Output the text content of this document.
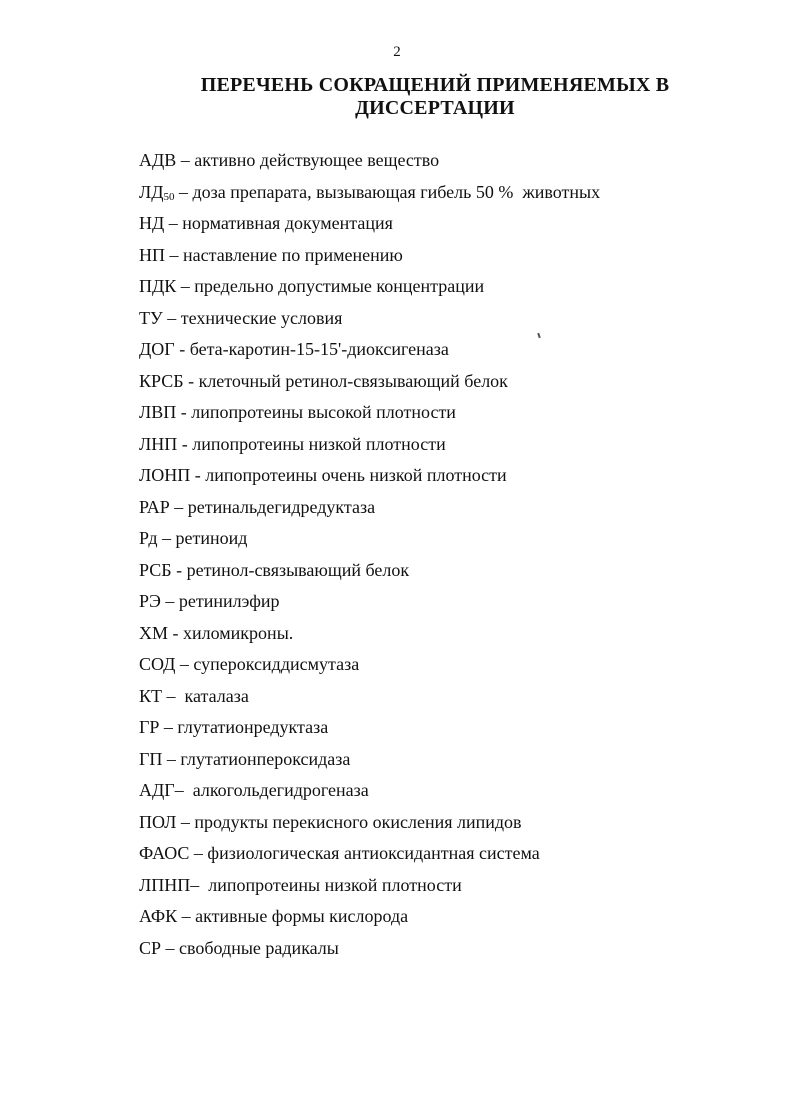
2
ПЕРЕЧЕНЬ СОКРАЩЕНИЙ ПРИМЕНЯЕМЫХ В
ДИССЕРТАЦИИ
АДВ – активно действующее вещество
$ЛД_{50}$ – доза препарата, вызывающая гибель 50 %  животных
НД – нормативная документация
НП – наставление по применению
ПДК – предельно допустимые концентрации
ТУ – технические условия
ДОГ - бета-каротин-15-15'-диоксигеназа
КРСБ - клеточный ретинол-связывающий белок
ЛВП - липопротеины высокой плотности
ЛНП - липопротеины низкой плотности
ЛОНП - липопротеины очень низкой плотности
РАР – ретинальдегидредуктаза
Рд – ретиноид
РСБ - ретинол-связывающий белок
РЭ – ретинилэфир
ХМ - хиломикроны.
СОД – супероксиддисмутаза
КТ –  каталаза
ГР – глутатионредуктаза
ГП – глутатионпероксидаза
АДГ–  алкогольдегидрогеназа
ПОЛ – продукты перекисного окисления липидов
ФАОС – физиологическая антиоксидантная система
ЛПНП–  липопротеины низкой плотности
АФК – активные формы кислорода
СР – свободные радикалы
